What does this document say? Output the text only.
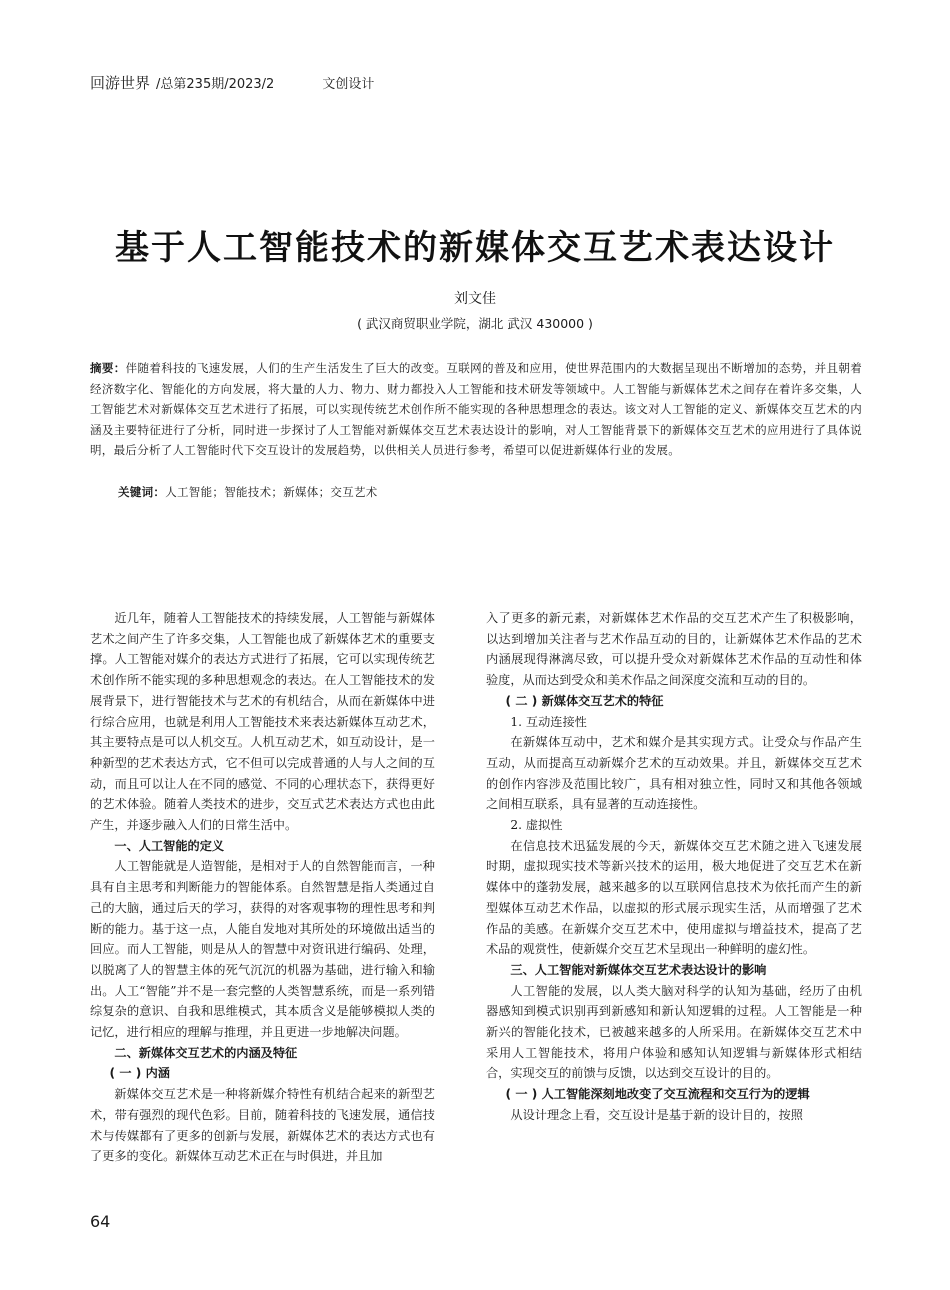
回游世界 /总第235期/2023/2	文创设计
基于人工智能技术的新媒体交互艺术表达设计
刘文佳
( 武汉商贸职业学院，湖北 武汉 430000 )
摘要：伴随着科技的飞速发展，人们的生产生活发生了巨大的改变。互联网的普及和应用，使世界范围内的大数据呈现出不断增加的态势，并且朝着经济数字化、智能化的方向发展，将大量的人力、物力、财力都投入人工智能和技术研发等领域中。人工智能与新媒体艺术之间存在着许多交集，人工智能艺术对新媒体交互艺术进行了拓展，可以实现传统艺术创作所不能实现的各种思想理念的表达。该文对人工智能的定义、新媒体交互艺术的内涵及主要特征进行了分析，同时进一步探讨了人工智能对新媒体交互艺术表达设计的影响，对人工智能背景下的新媒体交互艺术的应用进行了具体说明，最后分析了人工智能时代下交互设计的发展趋势，以供相关人员进行参考，希望可以促进新媒体行业的发展。
关键词：人工智能；智能技术；新媒体；交互艺术

近几年，随着人工智能技术的持续发展，人工智能与新媒体艺术之间产生了许多交集，人工智能也成了新媒体艺术的重要支撑。人工智能对媒介的表达方式进行了拓展，它可以实现传统艺术创作所不能实现的多种思想观念的表达。在人工智能技术的发展背景下，进行智能技术与艺术的有机结合，从而在新媒体中进行综合应用，也就是利用人工智能技术来表达新媒体互动艺术，其主要特点是可以人机交互。人机互动艺术，如互动设计，是一种新型的艺术表达方式，它不但可以完成普通的人与人之间的互动，而且可以让人在不同的感觉、不同的心理状态下，获得更好的艺术体验。随着人类技术的进步，交互式艺术表达方式也由此产生，并逐步融入人们的日常生活中。

一、人工智能的定义

人工智能就是人造智能，是相对于人的自然智能而言，一种具有自主思考和判断能力的智能体系。自然智慧是指人类通过自己的大脑，通过后天的学习，获得的对客观事物的理性思考和判断的能力。基于这一点，人能自发地对其所处的环境做出适当的回应。而人工智能，则是从人的智慧中对资讯进行编码、处理，以脱离了人的智慧主体的死气沉沉的机器为基础，进行输入和输出。人工“智能”并不是一套完整的人类智慧系统，而是一系列错综复杂的意识、自我和思维模式，其本质含义是能够模拟人类的记忆，进行相应的理解与推理，并且更进一步地解决问题。

二、新媒体交互艺术的内涵及特征
( 一 ) 内涵

新媒体交互艺术是一种将新媒介特性有机结合起来的新型艺术，带有强烈的现代色彩。目前，随着科技的飞速发展，通信技术与传媒都有了更多的创新与发展，新媒体艺术的表达方式也有了更多的变化。新媒体互动艺术正在与时俱进，并且加

入了更多的新元素，对新媒体艺术作品的交互艺术产生了积极影响，以达到增加关注者与艺术作品互动的目的，让新媒体艺术作品的艺术内涵展现得淋漓尽致，可以提升受众对新媒体艺术作品的互动性和体验度，从而达到受众和美术作品之间深度交流和互动的目的。

( 二 ) 新媒体交互艺术的特征
1. 互动连接性

在新媒体互动中，艺术和媒介是其实现方式。让受众与作品产生互动，从而提高互动新媒介艺术的互动效果。并且，新媒体交互艺术的创作内容涉及范围比较广，具有相对独立性，同时又和其他各领域之间相互联系，具有显著的互动连接性。

2. 虚拟性

在信息技术迅猛发展的今天，新媒体交互艺术随之进入飞速发展时期，虚拟现实技术等新兴技术的运用，极大地促进了交互艺术在新媒体中的蓬勃发展，越来越多的以互联网信息技术为依托而产生的新型媒体互动艺术作品，以虚拟的形式展示现实生活，从而增强了艺术作品的美感。在新媒介交互艺术中，使用虚拟与增益技术，提高了艺术品的观赏性，使新媒介交互艺术呈现出一种鲜明的虚幻性。

三、人工智能对新媒体交互艺术表达设计的影响

人工智能的发展，以人类大脑对科学的认知为基础，经历了由机器感知到模式识别再到新感知和新认知逻辑的过程。人工智能是一种新兴的智能化技术，已被越来越多的人所采用。在新媒体交互艺术中采用人工智能技术，将用户体验和感知认知逻辑与新媒体形式相结合，实现交互的前馈与反馈，以达到交互设计的目的。

( 一 ) 人工智能深刻地改变了交互流程和交互行为的逻辑

从设计理念上看，交互设计是基于新的设计目的，按照

64
